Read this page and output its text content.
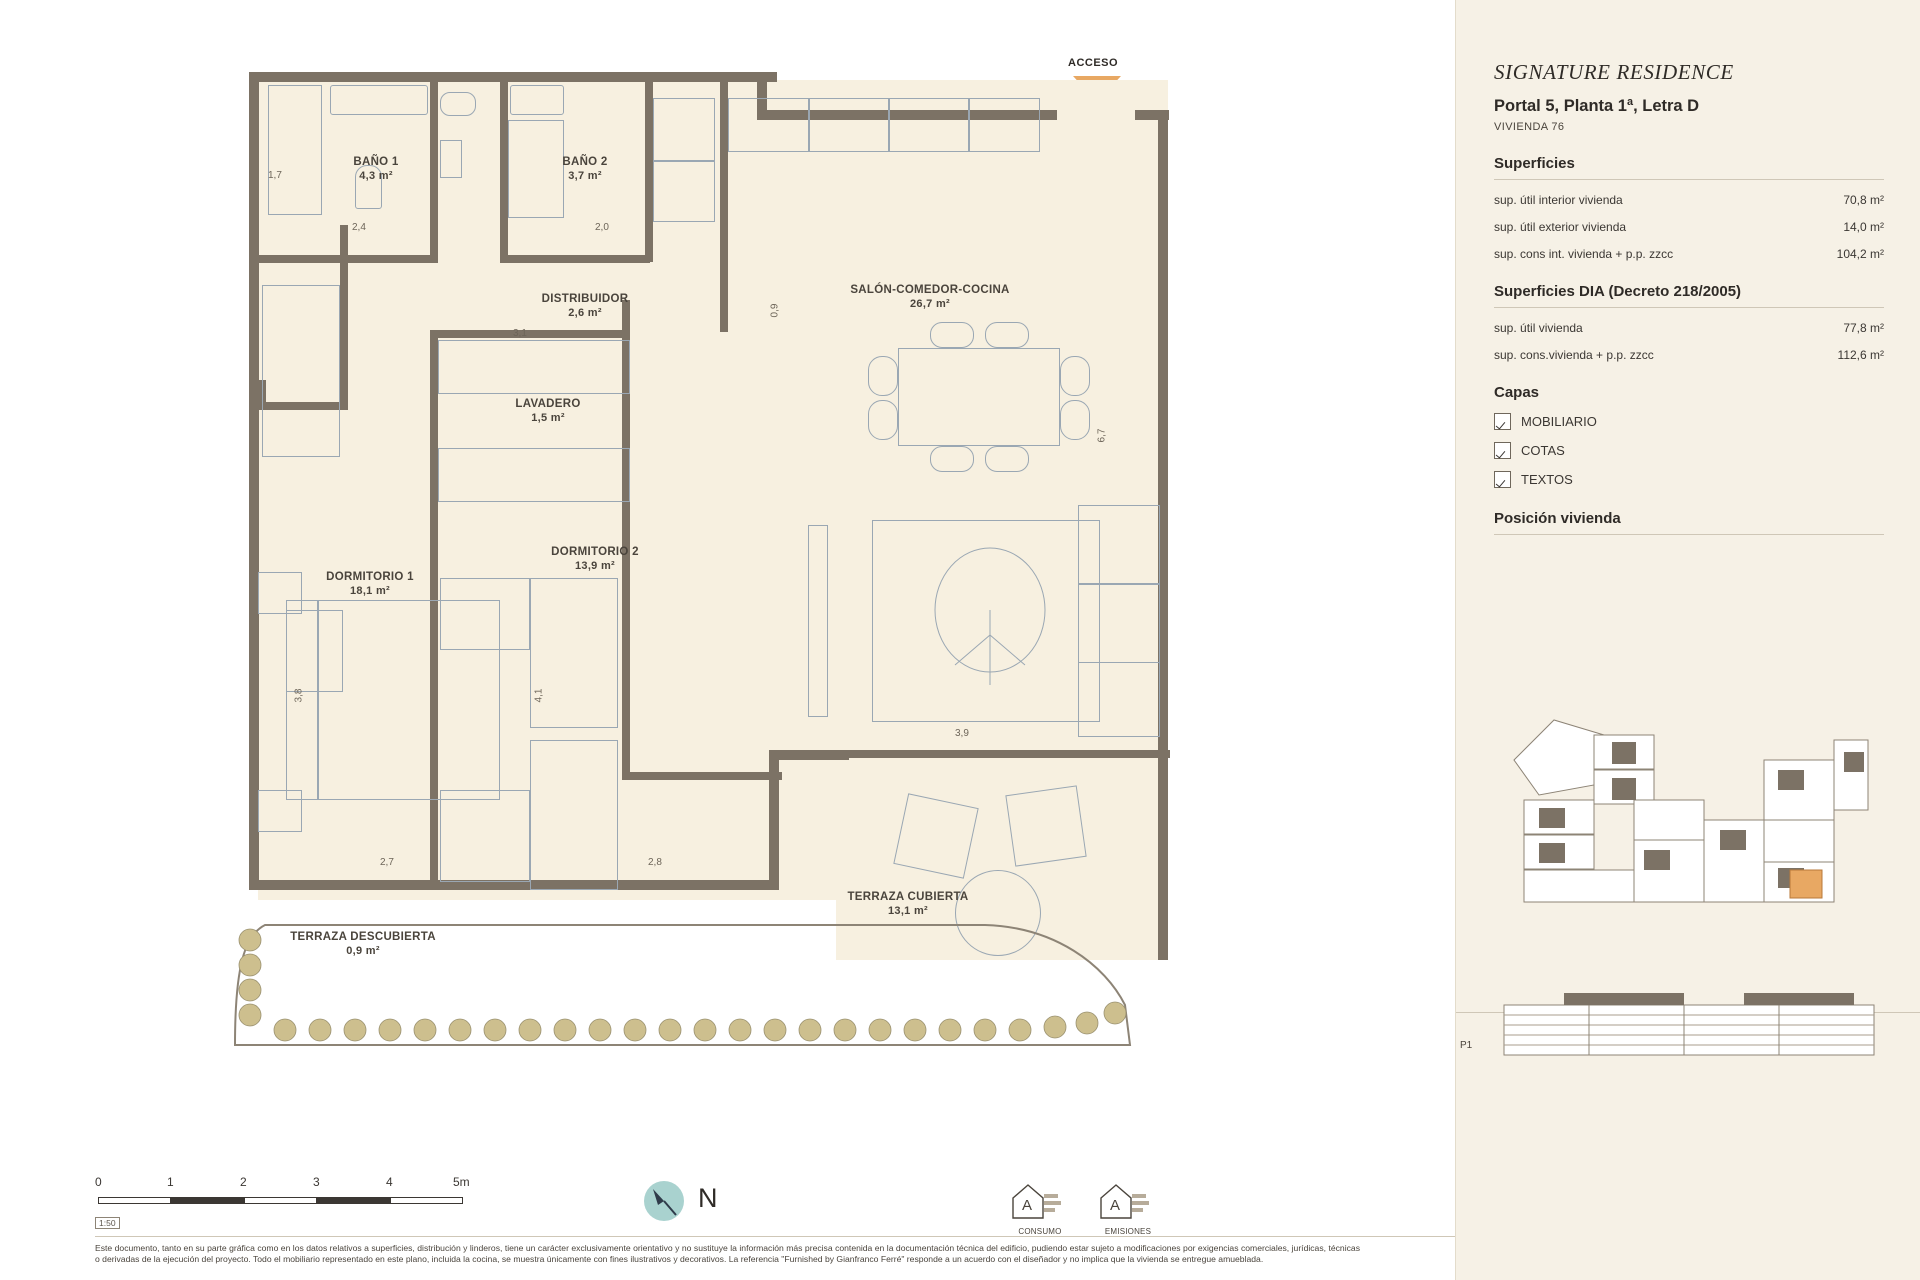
ACCESO
1,7
2,4	2,0
3,1
0,9
6,7
3,8	4,1
2,7	2,8
3,9
BAÑO 1
4,3 m²
BAÑO 2
3,7 m²
DISTRIBUIDOR
2,6 m²
SALÓN-COMEDOR-COCINA
26,7 m²
LAVADERO
1,5 m²
DORMITORIO 2
13,9 m²
DORMITORIO 1
18,1 m²
TERRAZA CUBIERTA
13,1 m²
TERRAZA DESCUBIERTA
0,9 m²
0	1	2	3	4	5m
1:50
N	A
CONSUMO
A
EMISIONES
Este documento, tanto en su parte gráfica como en los datos relativos a superficies, distribución y linderos, tiene un carácter exclusivamente orientativo y no sustituye la información más precisa contenida en la documentación técnica del edificio, pudiendo estar sujeto a modificaciones por exigencias comerciales, jurídicas, técnicas o derivadas de la ejecución del proyecto. Todo el mobiliario representado en este plano, incluida la cocina, se muestra únicamente con fines ilustrativos y decorativos. La referencia "Furnished by Gianfranco Ferré" responde a un acuerdo con el diseñador y no implica que la vivienda se entregue amueblada.
SIGNATURE RESIDENCE
Portal 5, Planta 1ª, Letra D
VIVIENDA 76
Superficies
sup. útil interior vivienda	70,8 m²
sup. útil exterior vivienda	14,0 m²
sup. cons int. vivienda + p.p. zzcc	104,2 m²
Superficies DIA (Decreto 218/2005)
sup. útil vivienda	77,8 m²
sup. cons.vivienda + p.p. zzcc	112,6 m²
Capas
MOBILIARIO
COTAS
TEXTOS
Posición vivienda
P1
